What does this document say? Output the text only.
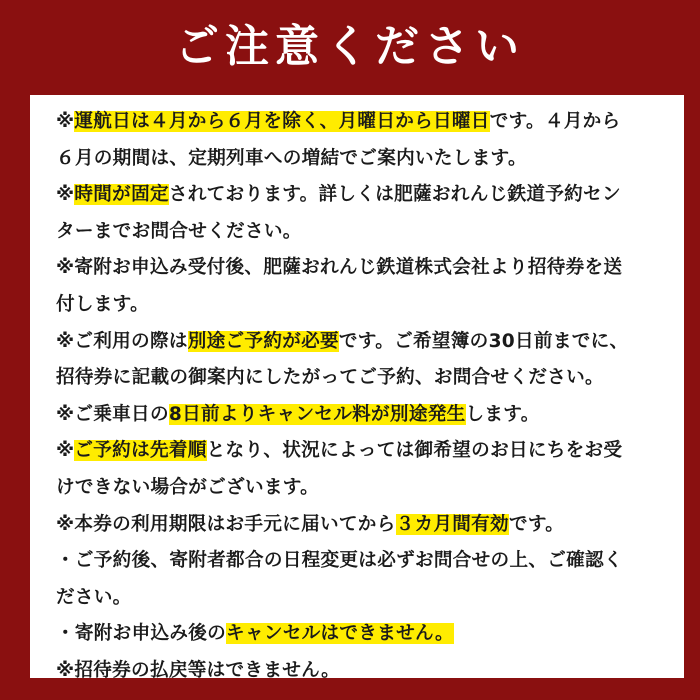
ご注意ください
※運航日は４月から６月を除く、月曜日から日曜日です。４月から
６月の期間は、定期列車への増結でご案内いたします。
※時間が固定されております。詳しくは肥薩おれんじ鉄道予約セン
ターまでお問合せください。
※寄附お申込み受付後、肥薩おれんじ鉄道株式会社より招待券を送
付します。
※ご利用の際は別途ご予約が必要です。ご希望簿の30日前までに、
招待券に記載の御案内にしたがってご予約、お問合せください。
※ご乗車日の8日前よりキャンセル料が別途発生します。
※ご予約は先着順となり、状況によっては御希望のお日にちをお受
けできない場合がございます。
※本券の利用期限はお手元に届いてから３カ月間有効です。
・ご予約後、寄附者都合の日程変更は必ずお問合せの上、ご確認く
ださい。
・寄附お申込み後のキャンセルはできません。
※招待券の払戻等はできません。
